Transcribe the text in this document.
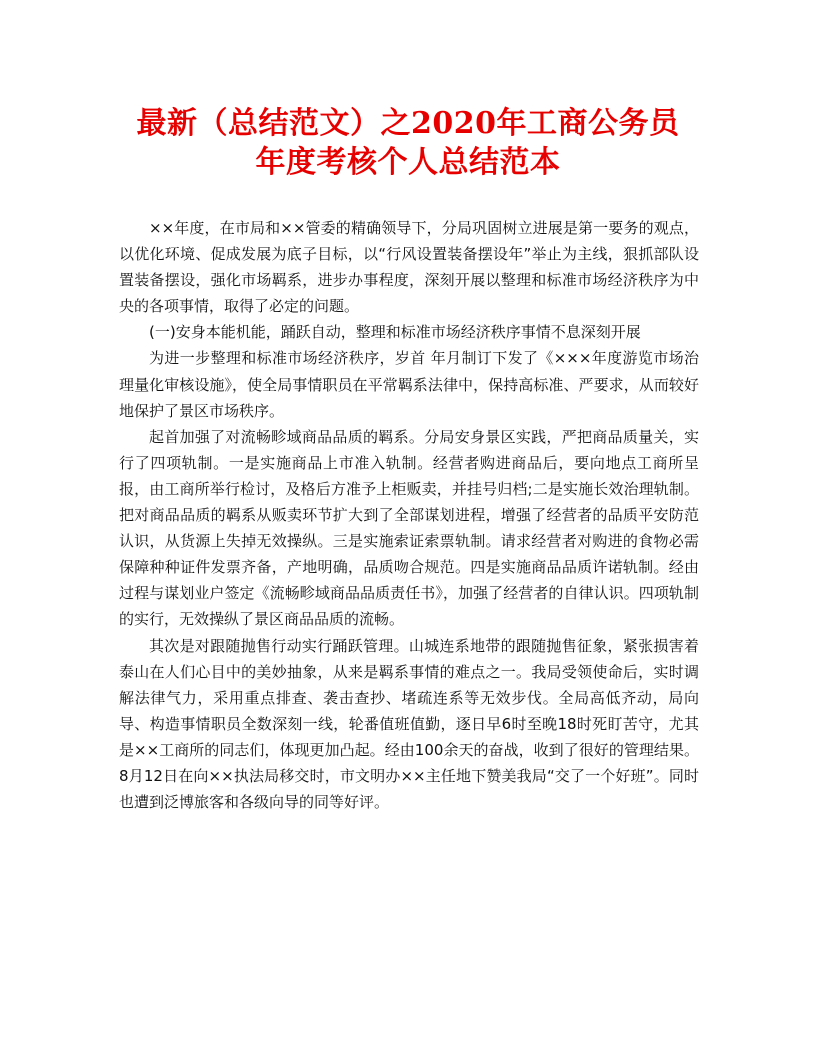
最新（总结范文）之2020年工商公务员
年度考核个人总结范本

××年度，在市局和××管委的精确领导下，分局巩固树立进展是第一要务的观点，以优化环境、促成发展为底子目标，以“行风设置装备摆设年”举止为主线，狠抓部队设置装备摆设，强化市场羁系，进步办事程度，深刻开展以整理和标准市场经济秩序为中央的各项事情，取得了必定的问题。

(一)安身本能机能，踊跃自动，整理和标准市场经济秩序事情不息深刻开展

为进一步整理和标准市场经济秩序，岁首 年月制订下发了《×××年度游览市场治理量化审核设施》，使全局事情职员在平常羁系法律中，保持高标准、严要求，从而较好地保护了景区市场秩序。

起首加强了对流畅畛域商品品质的羁系。分局安身景区实践，严把商品质量关，实行了四项轨制。一是实施商品上市准入轨制。经营者购进商品后，要向地点工商所呈报，由工商所举行检讨，及格后方准予上柜贩卖，并挂号归档;二是实施长效治理轨制。把对商品品质的羁系从贩卖环节扩大到了全部谋划进程，增强了经营者的品质平安防范认识，从货源上失掉无效操纵。三是实施索证索票轨制。请求经营者对购进的食物必需保障种种证件发票齐备，产地明确，品质吻合规范。四是实施商品品质许诺轨制。经由过程与谋划业户签定《流畅畛域商品品质责任书》，加强了经营者的自律认识。四项轨制的实行，无效操纵了景区商品品质的流畅。

其次是对跟随抛售行动实行踊跃管理。山城连系地带的跟随抛售征象，紧张损害着泰山在人们心目中的美妙抽象，从来是羁系事情的难点之一。我局受领使命后，实时调解法律气力，采用重点排查、袭击查抄、堵疏连系等无效步伐。全局高低齐动，局向导、构造事情职员全数深刻一线，轮番值班值勤，逐日早6时至晚18时死盯苦守，尤其是××工商所的同志们，体现更加凸起。经由100余天的奋战，收到了很好的管理结果。8月12日在向××执法局移交时，市文明办××主任地下赞美我局“交了一个好班”。同时也遭到泛博旅客和各级向导的同等好评。
